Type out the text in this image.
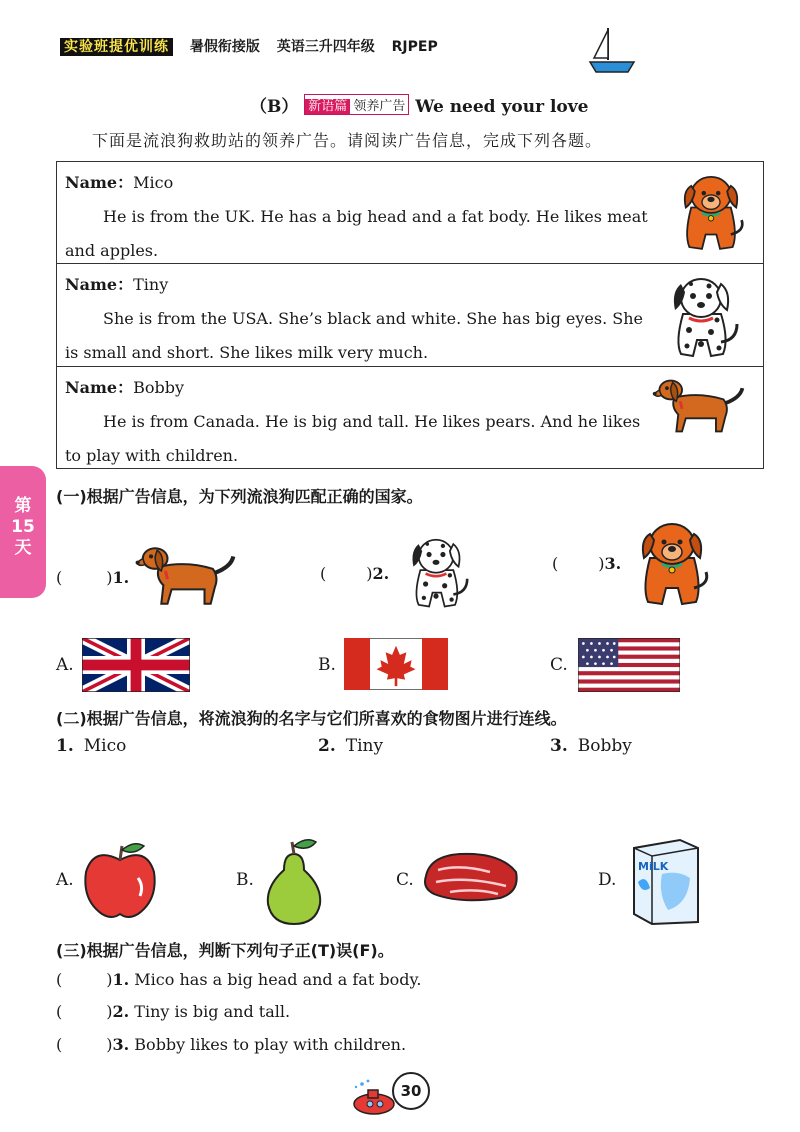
实验班提优训练 暑假衔接版 英语三升四年级 RJPEP
（B） 新语篇 领养广告 We need your love
下面是流浪狗救助站的领养广告。请阅读广告信息，完成下列各题。
Name：Mico
He is from the UK. He has a big head and a fat body. He likes meat and apples.
Name：Tiny
She is from the USA. She’s black and white. She has big eyes. She is small and short. She likes milk very much.
Name：Bobby
He is from Canada. He is big and tall. He likes pears. And he likes to play with children.
第
15
天
(一)根据广告信息，为下列流浪狗匹配正确的国家。
(	)1.	(	)2.
(	)3.
A.	B.	C.
(二)根据广告信息，将流浪狗的名字与它们所喜欢的食物图片进行连线。
1. Mico	2. Tiny	3. Bobby
A.	B.	C.	D.
MiLK
(三)根据广告信息，判断下列句子正(T)误(F)。
(	)1. Mico has a big head and a fat body.
(	)2. Tiny is big and tall.
(	)3. Bobby likes to play with children.
30
